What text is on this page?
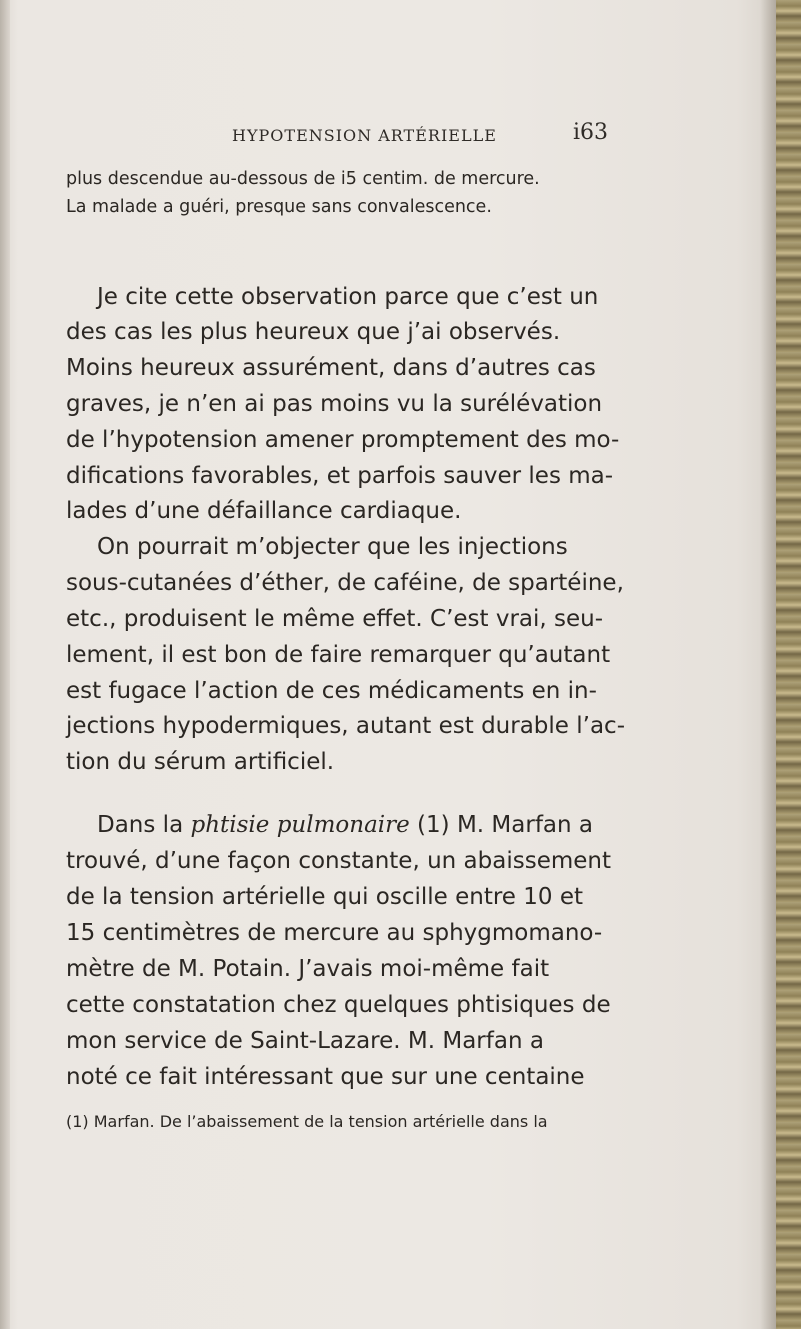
HYPOTENSION ARTÉRIELLE	i63
plus descendue au-dessous de i5 centim. de mercure.
La malade a guéri, presque sans convalescence.
Je cite cette observation parce que c’est un
des cas les plus heureux que j’ai observés.
Moins heureux assurément, dans d’autres cas
graves, je n’en ai pas moins vu la surélévation
de l’hypotension amener promptement des mo-
difications favorables, et parfois sauver les ma-
lades d’une défaillance cardiaque.
On pourrait m’objecter que les injections
sous-cutanées d’éther, de caféine, de spartéine,
etc., produisent le même effet. C’est vrai, seu-
lement, il est bon de faire remarquer qu’autant
est fugace l’action de ces médicaments en in-
jections hypodermiques, autant est durable l’ac-
tion du sérum artificiel.
Dans la phtisie pulmonaire (1) M. Marfan a
trouvé, d’une façon constante, un abaissement
de la tension artérielle qui oscille entre 10 et
15 centimètres de mercure au sphygmomano-
mètre de M. Potain. J’avais moi-même fait
cette constatation chez quelques phtisiques de
mon service de Saint-Lazare. M. Marfan a
noté ce fait intéressant que sur une centaine
(1) Marfan. De l’abaissement de la tension artérielle dans la
